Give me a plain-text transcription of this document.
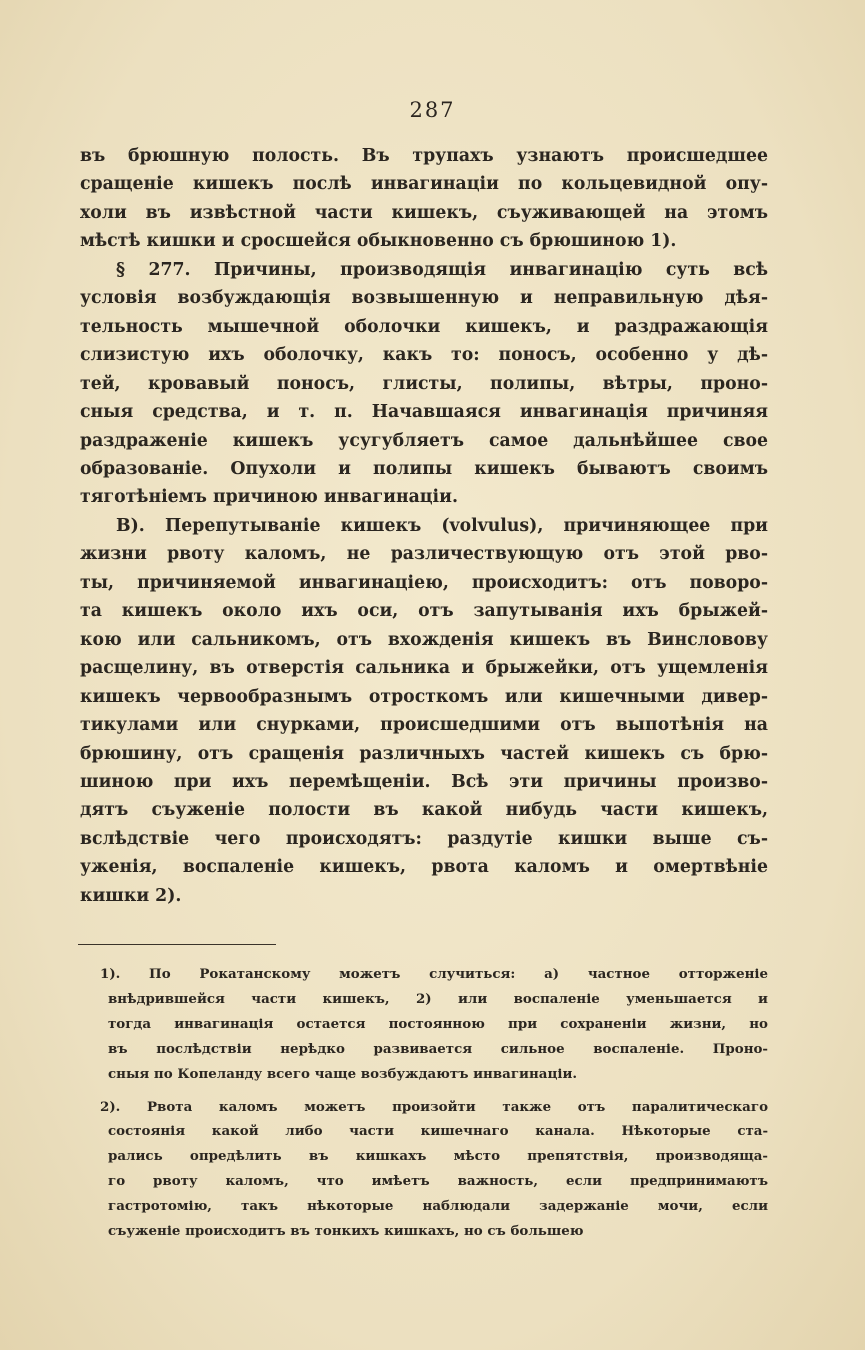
287
въ брюшную полость. Въ трупахъ узнаютъ происшедшее
сращеніе кишекъ послѣ инвагинаціи по кольцевидной опу-
холи въ извѣстной части кишекъ, съуживающей на этомъ
мѣстѣ кишки и сросшейся обыкновенно съ брюшиною 1).
§ 277. Причины, производящія инвагинацію суть всѣ
условія возбуждающія возвышенную и неправильную дѣя-
тельность мышечной оболочки кишекъ, и раздражающія
слизистую ихъ оболочку, какъ то: поносъ, особенно у дѣ-
тей, кровавый поносъ, глисты, полипы, вѣтры, проно-
сныя средства, и т. п. Начавшаяся инвагинація причиняя
раздраженіе кишекъ усугубляетъ самое дальнѣйшее свое
образованіе. Опухоли и полипы кишекъ бываютъ своимъ
тяготѣніемъ причиною инвагинаціи.
В). Перепутываніе кишекъ (volvulus), причиняющее при
жизни рвоту каломъ, не различествующую отъ этой рво-
ты, причиняемой инвагинаціею, происходитъ: отъ поворо-
та кишекъ около ихъ оси, отъ запутыванія ихъ брыжей-
кою или сальникомъ, отъ вхожденія кишекъ въ Винсловову
расщелину, въ отверстія сальника и брыжейки, отъ ущемленія
кишекъ червообразнымъ отросткомъ или кишечными дивер-
тикулами или снурками, происшедшими отъ выпотѣнія на
брюшину, отъ сращенія различныхъ частей кишекъ съ брю-
шиною при ихъ перемѣщеніи. Всѣ эти причины произво-
дятъ съуженіе полости въ какой нибудь части кишекъ,
вслѣдствіе чего происходятъ: раздутіе кишки выше съ-
уженія, воспаленіе кишекъ, рвота каломъ и омертвѣніе
кишки 2).
1). По Рокатанскому можетъ случиться: а) частное отторженіе
внѣдрившейся части кишекъ, 2) или воспаленіе уменьшается и
тогда инвагинація остается постоянною при сохраненіи жизни, но
въ послѣдствіи нерѣдко развивается сильное воспаленіе. Проно-
сныя по Копеланду всего чаще возбуждаютъ инвагинаціи.
2). Рвота каломъ можетъ произойти также отъ паралитическаго
состоянія какой либо части кишечнаго канала. Нѣкоторые ста-
рались опредѣлить въ кишкахъ мѣсто препятствія, производяща-
го рвоту каломъ, что имѣетъ важность, если предпринимаютъ
гастротомію, такъ нѣкоторые наблюдали задержаніе мочи, если
съуженіе происходитъ въ тонкихъ кишкахъ, но съ большею
